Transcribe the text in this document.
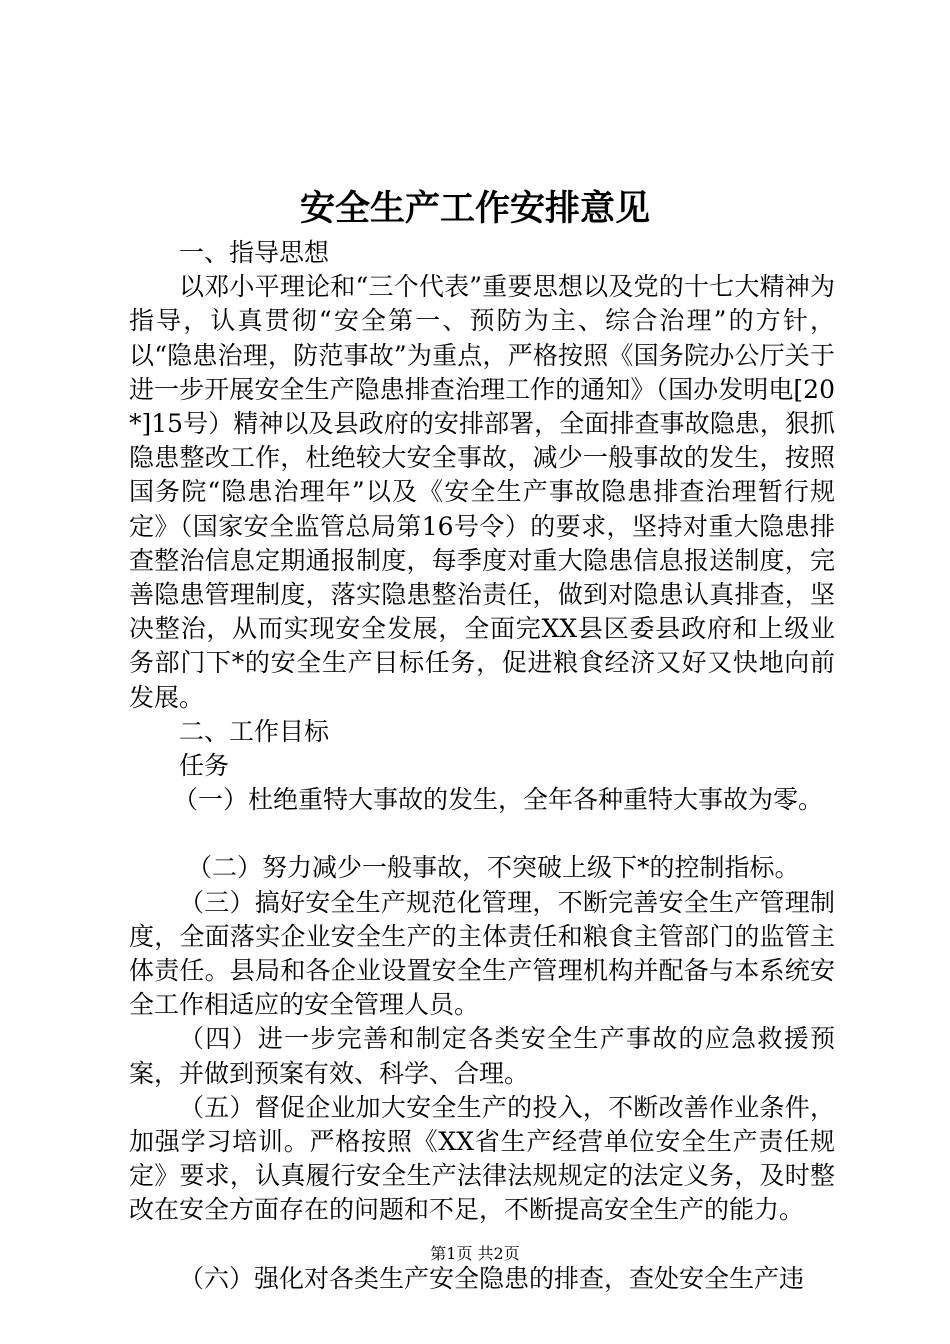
安全生产工作安排意见

一、指导思想

以邓小平理论和“三个代表”重要思想以及党的十七大精神为指导，认真贯彻“安全第一、预防为主、综合治理”的方针，以“隐患治理，防范事故”为重点，严格按照《国务院办公厅关于进一步开展安全生产隐患排查治理工作的通知》（国办发明电[20*]15号）精神以及县政府的安排部署，全面排查事故隐患，狠抓隐患整改工作，杜绝较大安全事故，减少一般事故的发生，按照国务院“隐患治理年”以及《安全生产事故隐患排查治理暂行规定》（国家安全监管总局第16号令）的要求，坚持对重大隐患排查整治信息定期通报制度，每季度对重大隐患信息报送制度，完善隐患管理制度，落实隐患整治责任，做到对隐患认真排查，坚决整治，从而实现安全发展，全面完XX县区委县政府和上级业务部门下*的安全生产目标任务，促进粮食经济又好又快地向前发展。

二、工作目标

任务

（一）杜绝重特大事故的发生，全年各种重特大事故为零。

（二）努力减少一般事故，不突破上级下*的控制指标。

（三）搞好安全生产规范化管理，不断完善安全生产管理制度，全面落实企业安全生产的主体责任和粮食主管部门的监管主体责任。县局和各企业设置安全生产管理机构并配备与本系统安全工作相适应的安全管理人员。

（四）进一步完善和制定各类安全生产事故的应急救援预案，并做到预案有效、科学、合理。

（五）督促企业加大安全生产的投入，不断改善作业条件，加强学习培训。严格按照《XX省生产经营单位安全生产责任规定》要求，认真履行安全生产法律法规规定的法定义务，及时整改在安全方面存在的问题和不足，不断提高安全生产的能力。

（六）强化对各类生产安全隐患的排查，查处安全生产违

第1页 共2页
